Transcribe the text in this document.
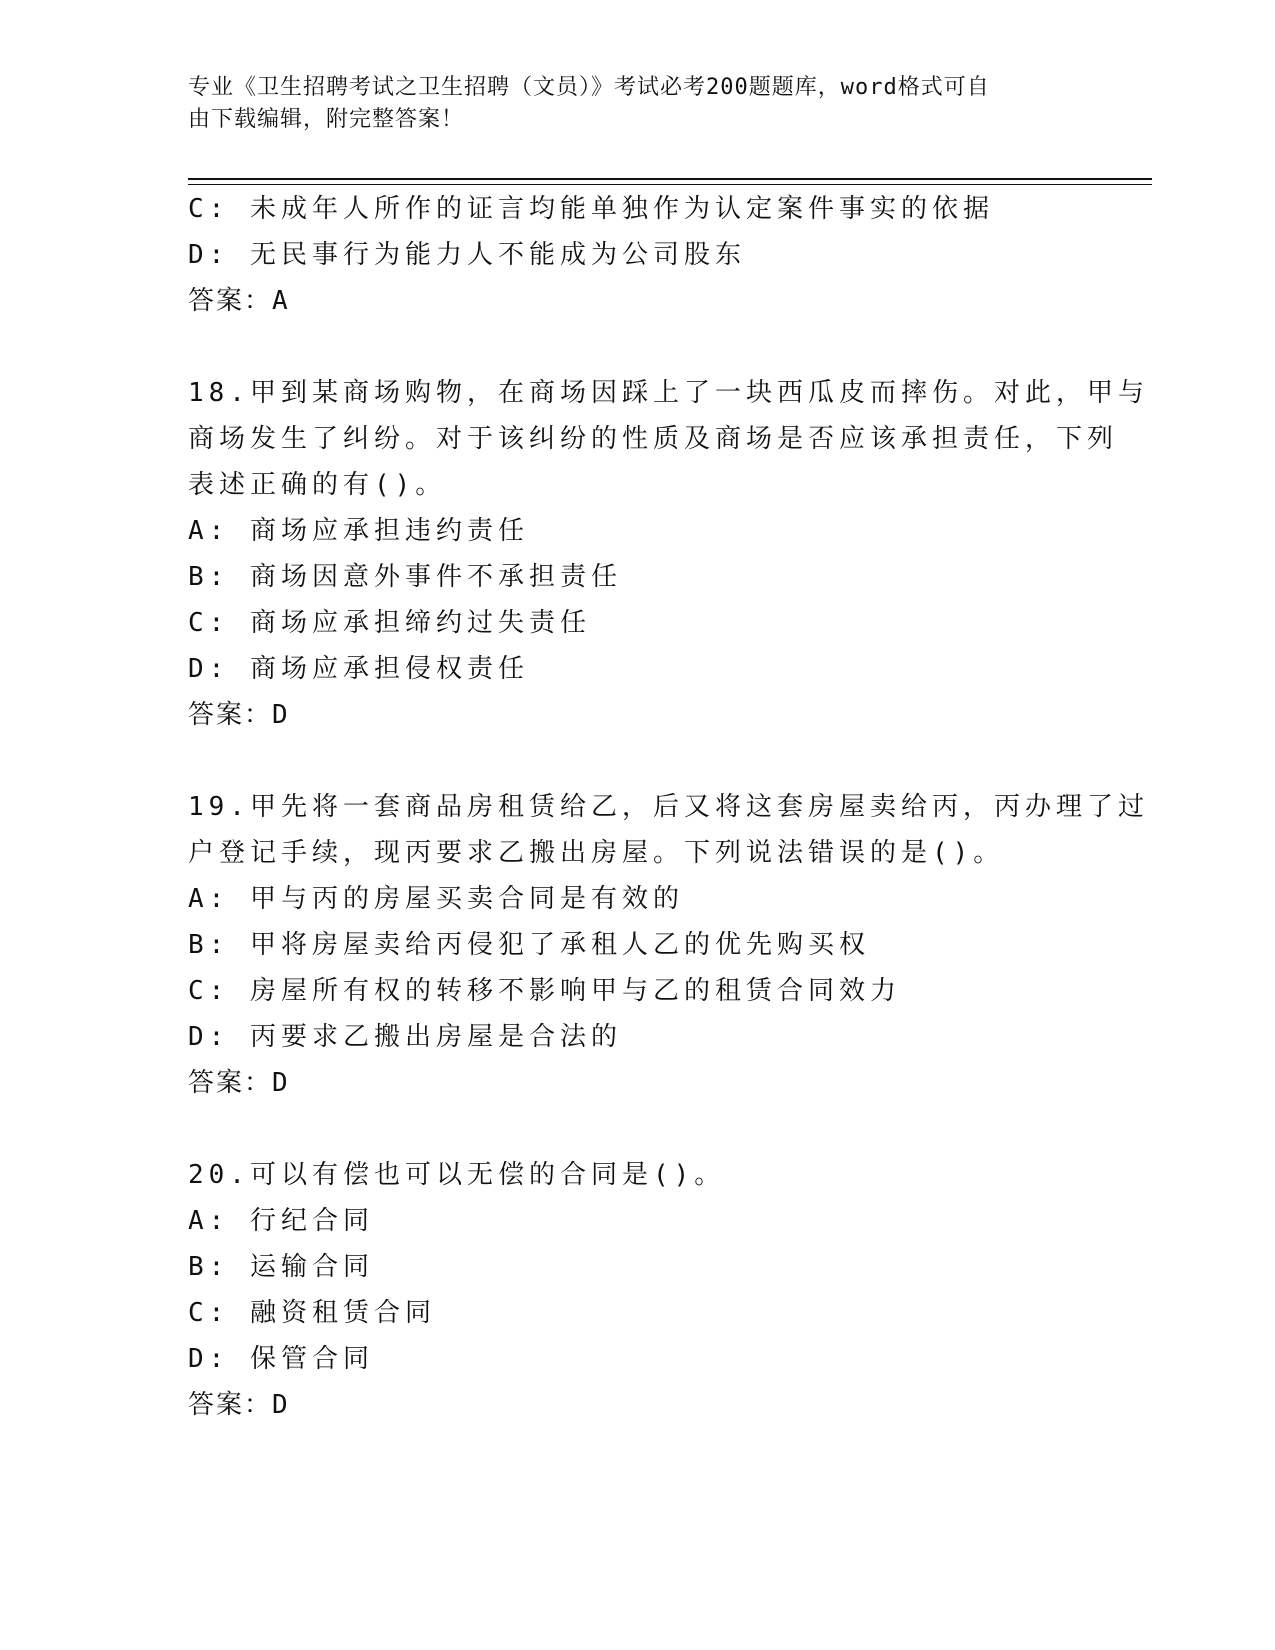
专业《卫生招聘考试之卫生招聘（文员）》考试必考200题题库，word格式可自
由下载编辑，附完整答案！

C: 未成年人所作的证言均能单独作为认定案件事实的依据

D: 无民事行为能力人不能成为公司股东

答案：A

18.甲到某商场购物，在商场因踩上了一块西瓜皮而摔伤。对此，甲与

商场发生了纠纷。对于该纠纷的性质及商场是否应该承担责任，下列

表述正确的有()。

A: 商场应承担违约责任

B: 商场因意外事件不承担责任

C: 商场应承担缔约过失责任

D: 商场应承担侵权责任

答案：D

19.甲先将一套商品房租赁给乙，后又将这套房屋卖给丙，丙办理了过

户登记手续，现丙要求乙搬出房屋。下列说法错误的是()。

A: 甲与丙的房屋买卖合同是有效的

B: 甲将房屋卖给丙侵犯了承租人乙的优先购买权

C: 房屋所有权的转移不影响甲与乙的租赁合同效力

D: 丙要求乙搬出房屋是合法的

答案：D

20.可以有偿也可以无偿的合同是()。

A: 行纪合同

B: 运输合同

C: 融资租赁合同

D: 保管合同

答案：D
